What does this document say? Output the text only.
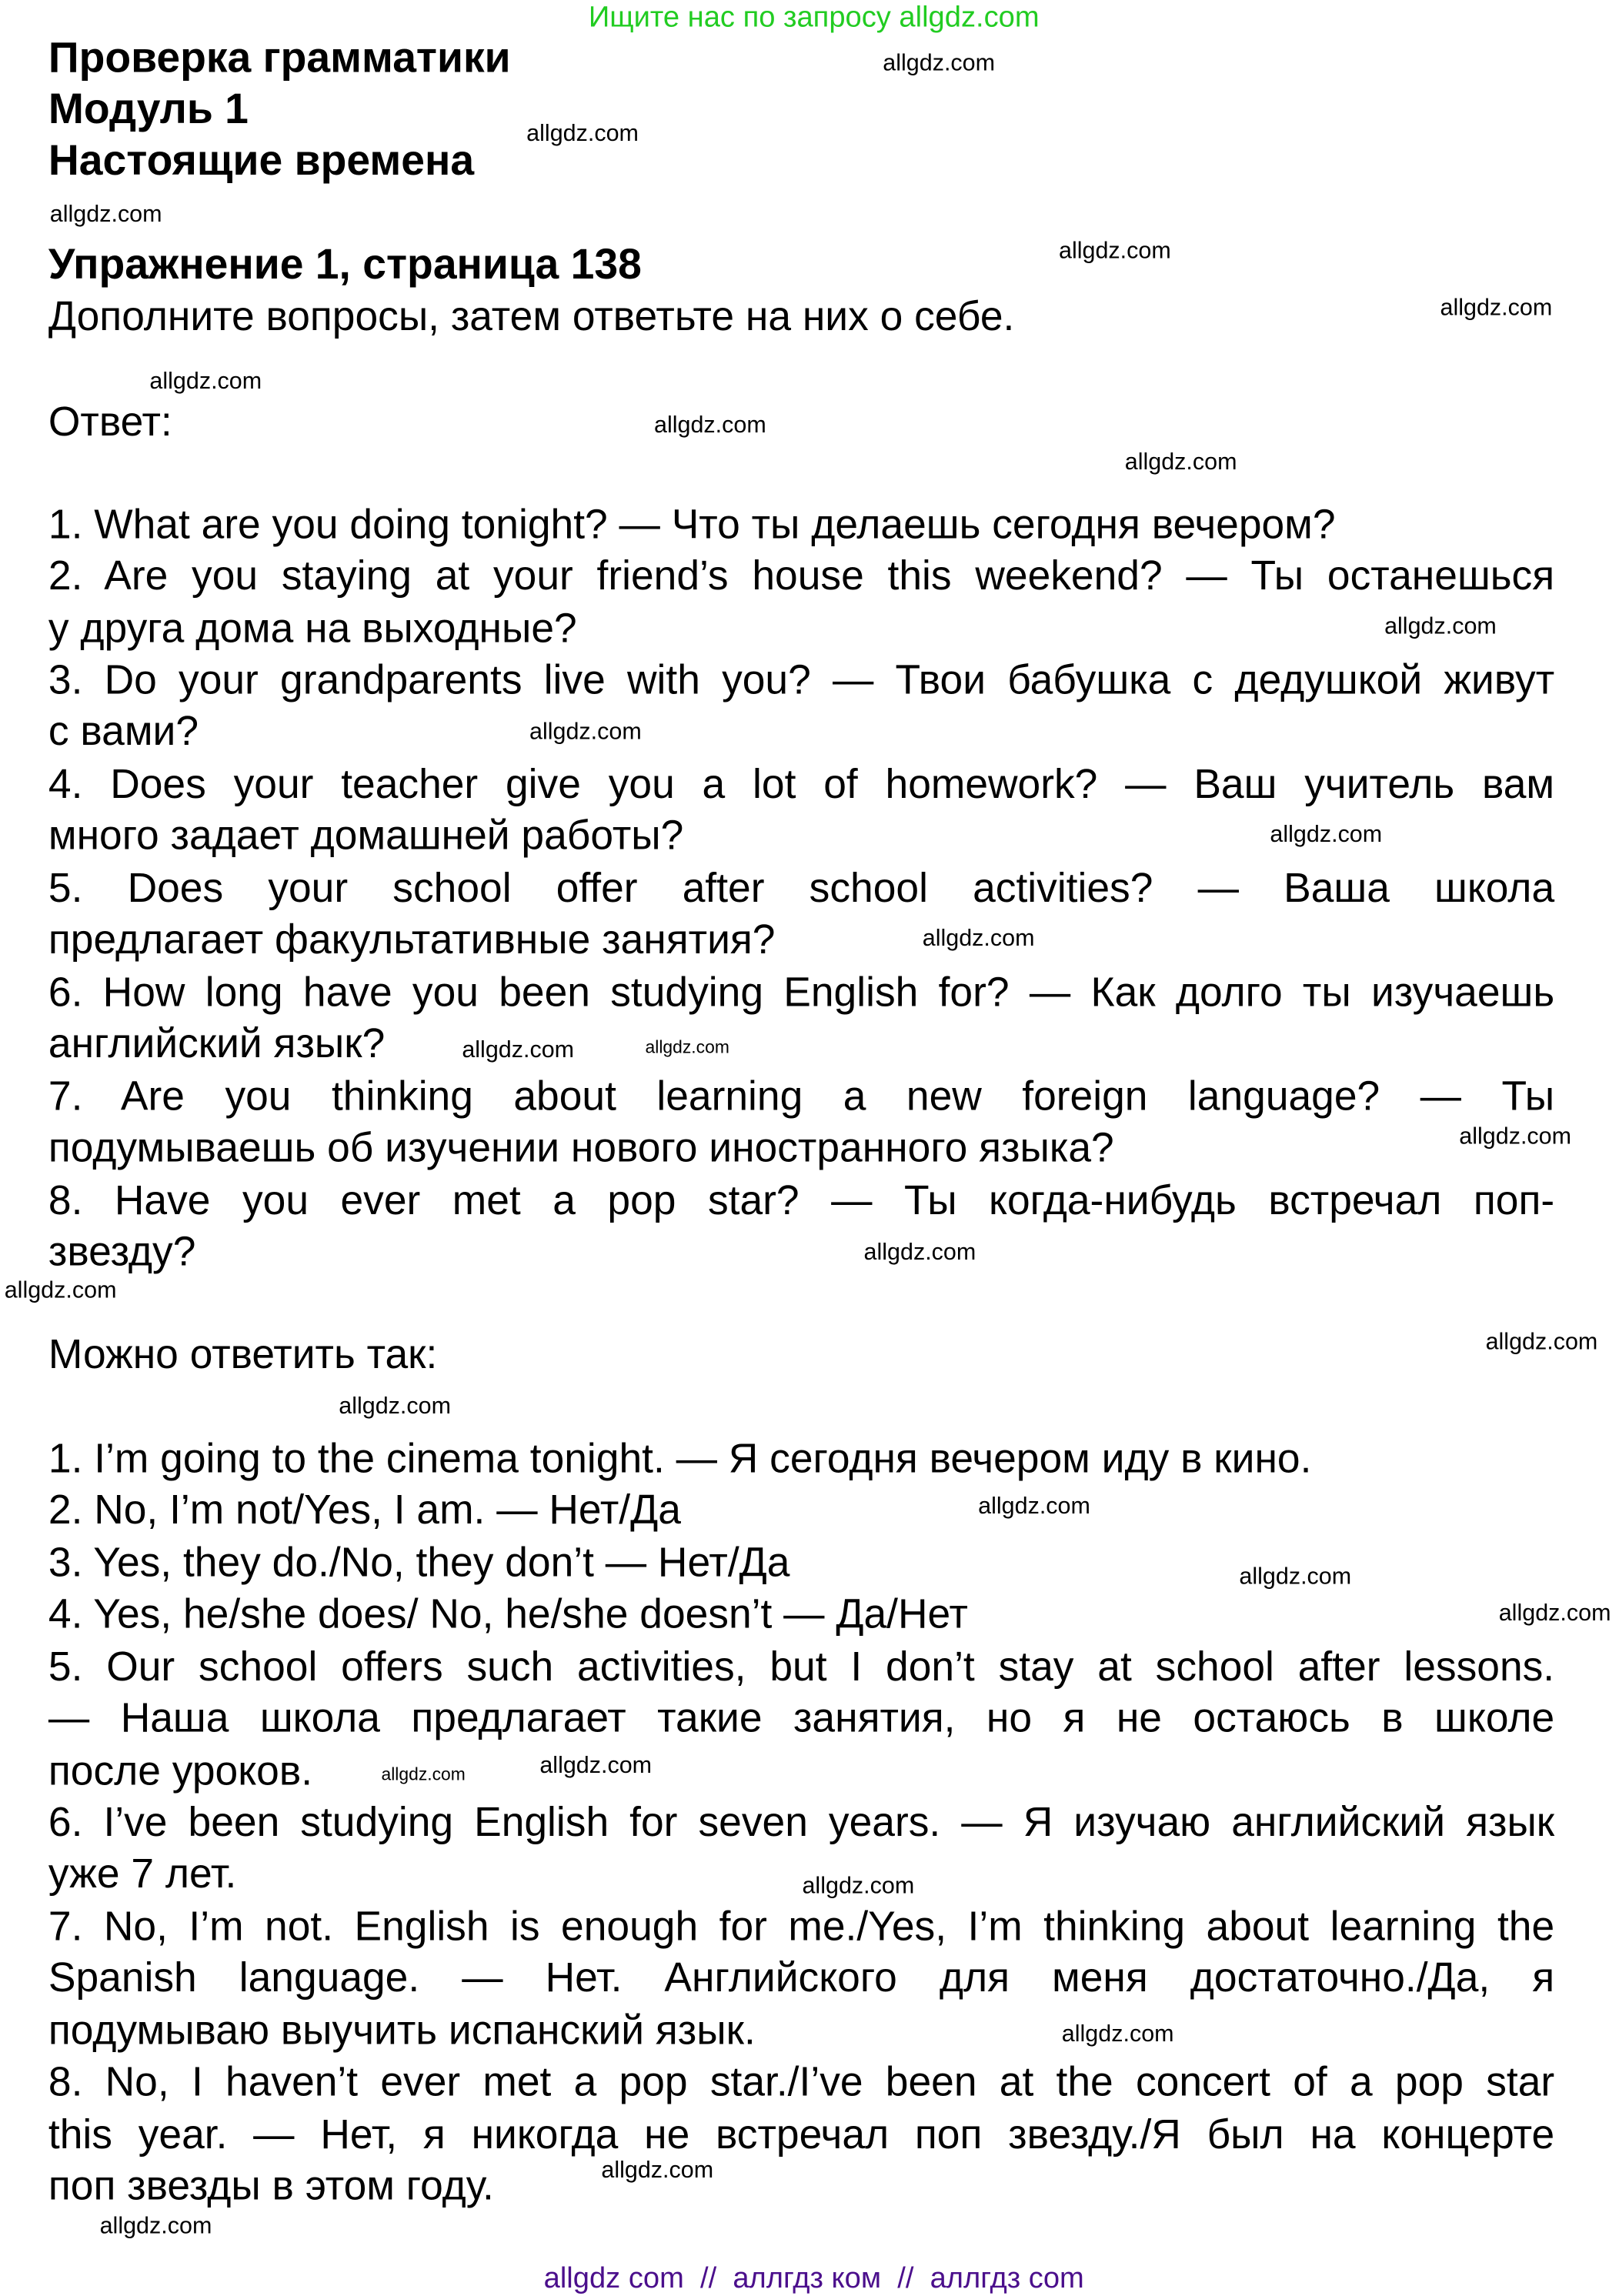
Ищите нас по запросу allgdz.com
Проверка грамматики
Модуль 1
Настоящие времена
Упражнение 1, страница 138
Дополните вопросы, затем ответьте на них о себе.
Ответ:
1. What are you doing tonight? — Что ты делаешь сегодня вечером?
2. Are you staying at your friend’s house this weekend? — Ты останешься
у друга дома на выходные?
3. Do your grandparents live with you? — Твои бабушка с дедушкой живут
с вами?
4. Does your teacher give you a lot of homework? — Ваш учитель вам
много задает домашней работы?
5. Does your school offer after school activities? — Ваша школа
предлагает факультативные занятия?
6. How long have you been studying English for? — Как долго ты изучаешь
английский язык?
7. Are you thinking about learning a new foreign language? — Ты
подумываешь об изучении нового иностранного языка?
8. Have you ever met a pop star? — Ты когда-нибудь встречал поп-
звезду?
Можно ответить так:
1. I’m going to the cinema tonight. — Я сегодня вечером иду в кино.
2. No, I’m not/Yes, I am. — Нет/Да
3. Yes, they do./No, they don’t — Нет/Да
4. Yes, he/she does/ No, he/she doesn’t — Да/Нет
5. Our school offers such activities, but I don’t stay at school after lessons.
— Наша школа предлагает такие занятия, но я не остаюсь в школе
после уроков.
6. I’ve been studying English for seven years. — Я изучаю английский язык
уже 7 лет.
7. No, I’m not. English is enough for me./Yes, I’m thinking about learning the
Spanish language. — Нет. Английского для меня достаточно./Да, я
подумываю выучить испанский язык.
8. No, I haven’t ever met a pop star./I’ve been at the concert of a pop star
this year. — Нет, я никогда не встречал поп звезду./Я был на концерте
поп звезды в этом году.
allgdz.com
allgdz.com
allgdz.com
allgdz.com
allgdz.com
allgdz.com
allgdz.com
allgdz.com
allgdz.com
allgdz.com
allgdz.com
allgdz.com
allgdz.com
allgdz.com
allgdz.com
allgdz.com
allgdz.com
allgdz.com
allgdz.com
allgdz.com
allgdz.com
allgdz.com
allgdz.com	allgdz.com
allgdz.com
allgdz.com
allgdz.com
allgdz.com
allgdz com  //  аллгдз ком  //  аллгдз com
